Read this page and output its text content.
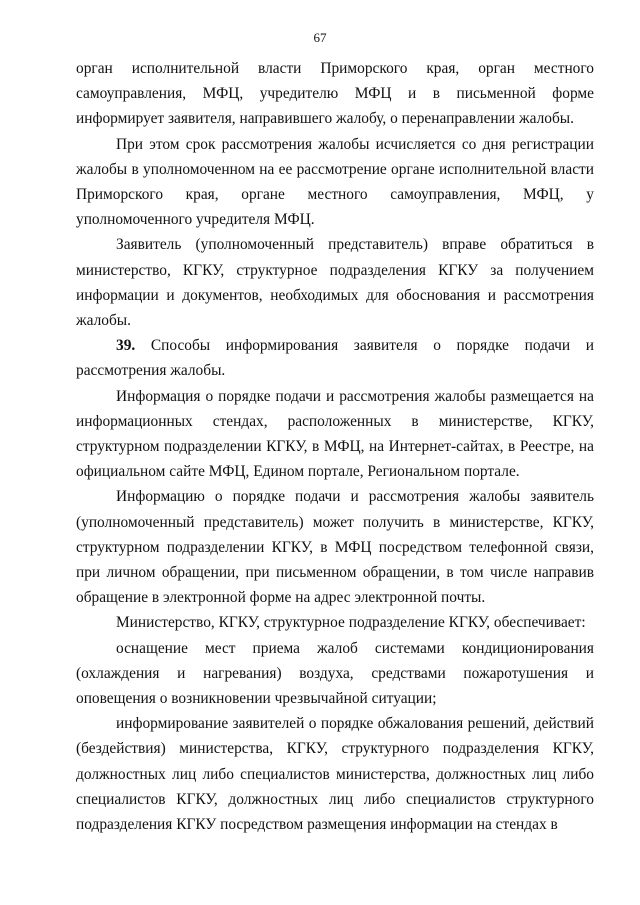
67

орган исполнительной власти Приморского края, орган местного самоуправления, МФЦ, учредителю МФЦ и в письменной форме информирует заявителя, направившего жалобу, о перенаправлении жалобы.

При этом срок рассмотрения жалобы исчисляется со дня регистрации жалобы в уполномоченном на ее рассмотрение органе исполнительной власти Приморского края, органе местного самоуправления, МФЦ, у уполномоченного учредителя МФЦ.

Заявитель (уполномоченный представитель) вправе обратиться в министерство, КГКУ, структурное подразделения КГКУ за получением информации и документов, необходимых для обоснования и рассмотрения жалобы.

39. Способы информирования заявителя о порядке подачи и рассмотрения жалобы.

Информация о порядке подачи и рассмотрения жалобы размещается на информационных стендах, расположенных в министерстве, КГКУ, структурном подразделении КГКУ, в МФЦ, на Интернет-сайтах, в Реестре, на официальном сайте МФЦ, Едином портале, Региональном портале.

Информацию о порядке подачи и рассмотрения жалобы заявитель (уполномоченный представитель) может получить в министерстве, КГКУ, структурном подразделении КГКУ, в МФЦ посредством телефонной связи, при личном обращении, при письменном обращении, в том числе направив обращение в электронной форме на адрес электронной почты.

Министерство, КГКУ, структурное подразделение КГКУ, обеспечивает:

оснащение мест приема жалоб системами кондиционирования (охлаждения и нагревания) воздуха, средствами пожаротушения и оповещения о возникновении чрезвычайной ситуации;

информирование заявителей о порядке обжалования решений, действий (бездействия) министерства, КГКУ, структурного подразделения КГКУ, должностных лиц либо специалистов министерства, должностных лиц либо специалистов КГКУ, должностных лиц либо специалистов структурного подразделения КГКУ посредством размещения информации на стендах в
